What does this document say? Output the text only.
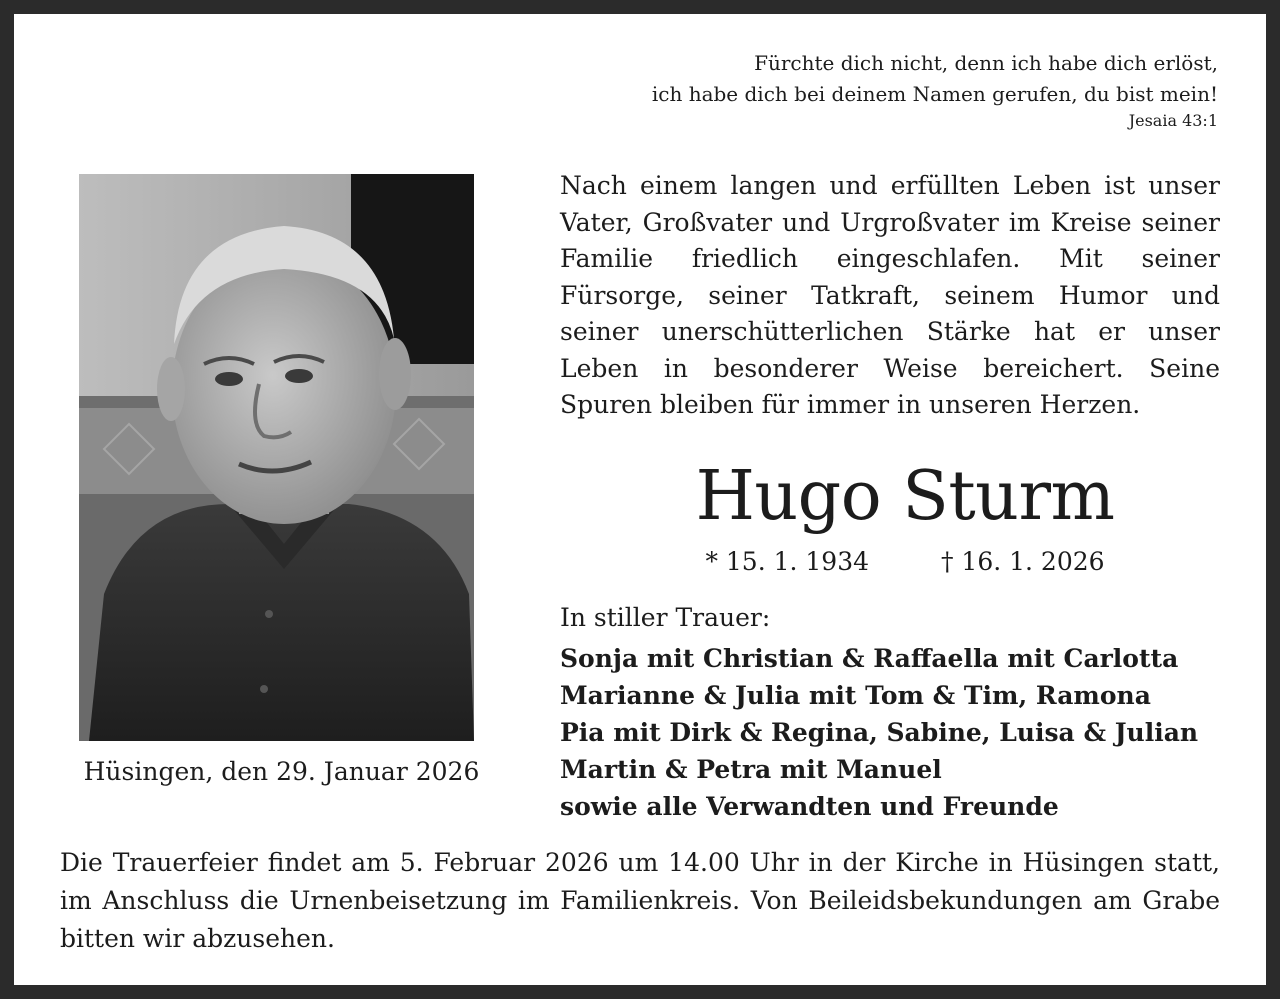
Fürchte dich nicht, denn ich habe dich erlöst,
ich habe dich bei deinem Namen gerufen, du bist mein!
Jesaia 43:1
Hüsingen, den 29. Januar 2026
Nach einem langen und erfüllten Leben ist unser Vater, Großvater und Urgroßvater im Kreise seiner Familie friedlich eingeschlafen. Mit seiner Fürsorge, seiner Tatkraft, seinem Humor und seiner unerschütterlichen Stärke hat er unser Leben in besonderer Weise bereichert. Seine Spuren bleiben für immer in unseren Herzen.
Hugo Sturm
* 15. 1. 1934	† 16. 1. 2026
In stiller Trauer:
Sonja mit Christian & Raffaella mit Carlotta
Marianne & Julia mit Tom & Tim, Ramona
Pia mit Dirk & Regina, Sabine, Luisa & Julian
Martin & Petra mit Manuel
sowie alle Verwandten und Freunde
Die Trauerfeier findet am 5. Februar 2026 um 14.00 Uhr in der Kirche in Hüsingen statt, im Anschluss die Urnenbeisetzung im Familienkreis. Von Beileidsbekundungen am Grabe bitten wir abzusehen.
